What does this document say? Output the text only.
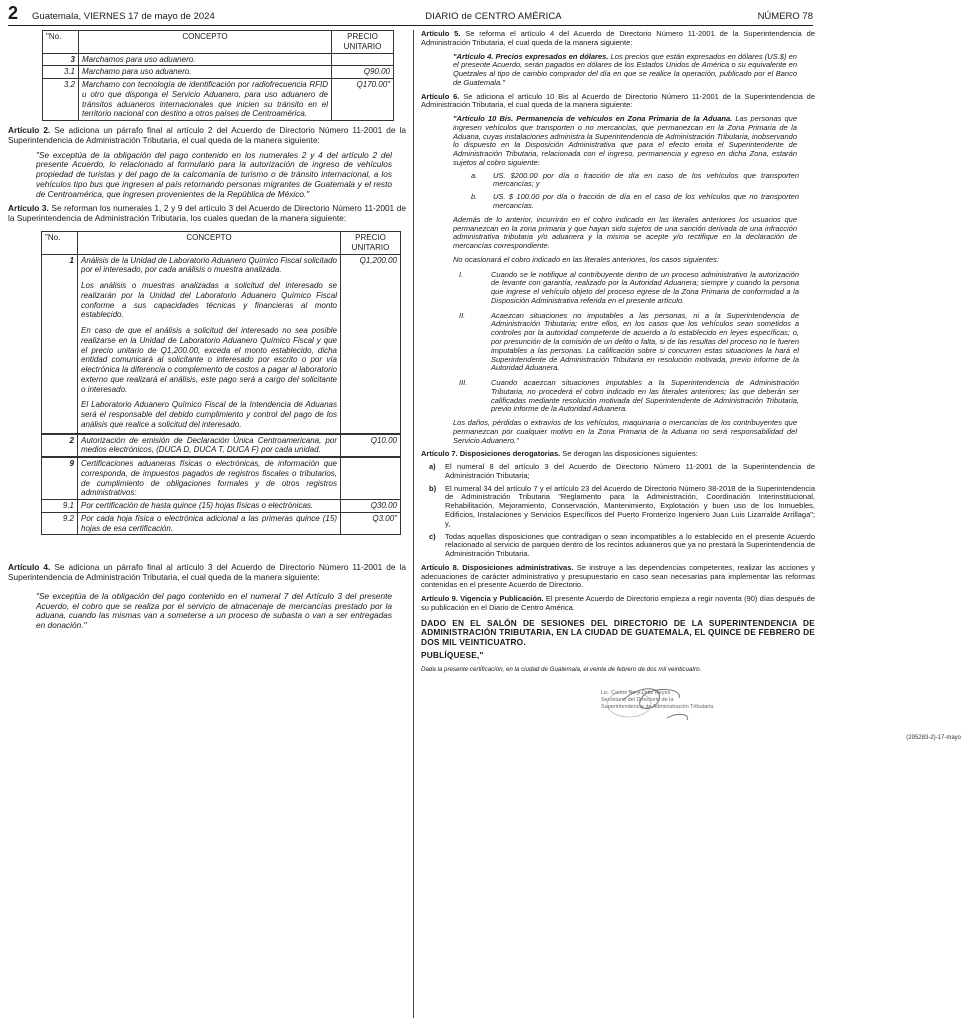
2 Guatemala, VIERNES 17 de mayo de 2024	DIARIO de CENTRO AMÉRICA	NÚMERO 78
"No.	CONCEPTO	PRECIO UNITARIO
3	Marchamos para uso aduanero.	
3.1	Marchamo para uso aduanero.	Q90.00
3.2	Marchamo con tecnología de identificación por radiofrecuencia RFID u otro que disponga el Servicio Aduanero, para uso aduanero de tránsitos aduaneros internacionales que inicien su tránsito en el territorio nacional con destino a otros países de Centroamérica.	Q170.00"

Artículo 2. Se adiciona un párrafo final al artículo 2 del Acuerdo de Directorio Número 11-2001 de la Superintendencia de Administración Tributaria, el cual queda de la manera siguiente:

"Se exceptúa de la obligación del pago contenido en los numerales 2 y 4 del artículo 2 del presente Acuerdo, lo relacionado al formulario para la autorización de ingreso de vehículos propiedad de turistas y del pago de la calcomanía de turismo o de tránsito internacional, a los vehículos tipo bus que ingresen al país retornando personas migrantes de Guatemala y el resto de Centroamérica, que ingresen provenientes de la República de México."

Artículo 3. Se reforman los numerales 1, 2 y 9 del artículo 3 del Acuerdo de Directorio Número 11-2001 de la Superintendencia de Administración Tributaria, los cuales quedan de la manera siguiente:

"No.	CONCEPTO	PRECIO UNITARIO
1	Análisis de la Unidad de Laboratorio Aduanero Químico Fiscal solicitado por el interesado, por cada análisis o muestra analizada.
Los análisis o muestras analizadas a solicitud del interesado se realizarán por la Unidad del Laboratorio Aduanero Químico Fiscal conforme a sus capacidades técnicas y financieras al monto establecido.
En caso de que el análisis a solicitud del interesado no sea posible realizarse en la Unidad de Laboratorio Aduanero Químico Fiscal y que el precio unitario de Q1,200.00, exceda el monto establecido, dicha entidad comunicará al solicitante o interesado por escrito o por vía electrónica la diferencia o complemento de costos a pagar al laboratorio externo que realizará el análisis, este pago será a cargo del solicitante o interesado.
El Laboratorio Aduanero Químico Fiscal de la Intendencia de Aduanas será el responsable del debido cumplimiento y control del pago de los análisis que realice a solicitud del interesado.	Q1,200.00
2	Autorización de emisión de Declaración Única Centroamericana, por medios electrónicos, (DUCA D, DUCA T, DUCA F) por cada unidad.	Q10.00
9	Certificaciones aduaneras físicas o electrónicas, de información que corresponda, de impuestos pagados de registros fiscales o tributarios, de cumplimiento de obligaciones formales y de otros registros administrativos:	
9.1	Por certificación de hasta quince (15) hojas físicas o electrónicas.	Q30.00
9.2	Por cada hoja física o electrónica adicional a las primeras quince (15) hojas de esa certificación.	Q3.00"

Artículo 4. Se adiciona un párrafo final al artículo 3 del Acuerdo de Directorio Número 11-2001 de la Superintendencia de Administración Tributaria, el cual queda de la manera siguiente:

"Se exceptúa de la obligación del pago contenido en el numeral 7 del Artículo 3 del presente Acuerdo, el cobro que se realiza por el servicio de almacenaje de mercancías prestado por la aduana, cuando las mismas van a someterse a un proceso de subasta o van a ser entregadas en donación."

Artículo 5. Se reforma el artículo 4 del Acuerdo de Directorio Número 11-2001 de la Superintendencia de Administración Tributaria, el cual queda de la manera siguiente:

"Artículo 4. Precios expresados en dólares. Los precios que están expresados en dólares (US.$) en el presente Acuerdo, serán pagados en dólares de los Estados Unidos de América o su equivalente en Quetzales al tipo de cambio comprador del día en que se realice la operación, publicado por el Banco de Guatemala."

Artículo 6. Se adiciona el artículo 10 Bis al Acuerdo de Directorio Número 11-2001 de la Superintendencia de Administración Tributaria, el cual queda de la manera siguiente:

"Artículo 10 Bis. Permanencia de vehículos en Zona Primaria de la Aduana. Las personas que ingresen vehículos que transporten o no mercancías, que permanezcan en la Zona Primaria de la Aduana, cuyas instalaciones administra la Superintendencia de Administración Tributaria, inobservando lo dispuesto en la Disposición Administrativa que para el efecto emita el Superintendente de Administración Tributaria, relacionada con el ingreso, permanencia y egreso en dicha Zona, estarán sujetos al cobro siguiente:

a.	US. $200.00 por día o fracción de día en caso de los vehículos que transporten mercancías; y
b.	US. $ 100.00 por día o fracción de día en el caso de los vehículos que no transporten mercancías.

Además de lo anterior, incurrirán en el cobro indicado en las literales anteriores los usuarios que permanezcan en la zona primaria y que hayan sido sujetos de una sanción derivada de una infracción administrativa tributaria y/o aduanera y la misma se acepte y/o rectifique en la declaración de mercancías correspondiente.

No ocasionará el cobro indicado en las literales anteriores, los casos siguientes:

I.	Cuando se le notifique al contribuyente dentro de un proceso administrativo la autorización de levante con garantía, realizado por la Autoridad Aduanera; siempre y cuando la persona que ingrese el vehículo objeto del proceso egrese de la Zona Primaria de conformidad a la Disposición Administrativa referida en el presente artículo.
II.	Acaezcan situaciones no imputables a las personas, ni a la Superintendencia de Administración Tributaria; entre ellos, en los casos que los vehículos sean sometidos a controles por la autoridad competente de acuerdo a lo establecido en leyes específicas; o, por presunción de la comisión de un delito o falta, si de las resultas del proceso no le fueren imputables a las personas. La calificación sobre si concurren estas situaciones la hará el Superintendente de Administración Tributaria en resolución motivada, previo informe de la Autoridad Aduanera.
III.	Cuando acaezcan situaciones imputables a la Superintendencia de Administración Tributaria, no procederá el cobro indicado en las literales anteriores; las que deberán ser calificadas mediante resolución motivada del Superintendente de Administración Tributaria, previo informe de la Autoridad Aduanera.

Los daños, pérdidas o extravíos de los vehículos, maquinaria o mercancías de los contribuyentes que permanezcan por cualquier motivo en la Zona Primaria de la Aduana no será responsabilidad del Servicio Aduanero."

Artículo 7. Disposiciones derogatorias. Se derogan las disposiciones siguientes:

a)	El numeral 8 del artículo 3 del Acuerdo de Directorio Número 11-2001 de la Superintendencia de Administración Tributaria;
b)	El numeral 34 del artículo 7 y el artículo 23 del Acuerdo de Directorio Número 38-2018 de la Superintendencia de Administración Tributaria "Reglamento para la Administración, Coordinación Interinstitucional, Rehabilitación, Mejoramiento, Conservación, Mantenimiento, Explotación y buen uso de los Inmuebles, Edificios, Instalaciones y Servicios Específicos del Puerto Fronterizo Ingeniero Juan Luis Lizarralde Arrillaga"; y,
c)	Todas aquellas disposiciones que contradigan o sean incompatibles a lo establecido en el presente Acuerdo relacionado al servicio de parqueo dentro de los recintos aduaneros que ya no prestará la Superintendencia de Administración Tributaria.

Artículo 8. Disposiciones administrativas. Se instruye a las dependencias competentes, realizar las acciones y adecuaciones de carácter administrativo y presupuestario en caso sean necesarias para implementar las reformas contenidas en el presente Acuerdo de Directorio.

Artículo 9. Vigencia y Publicación. El presente Acuerdo de Directorio empieza a regir noventa (90) días después de su publicación en el Diario de Centro América.

DADO EN EL SALÓN DE SESIONES DEL DIRECTORIO DE LA SUPERINTENDENCIA DE ADMINISTRACIÓN TRIBUTARIA, EN LA CIUDAD DE GUATEMALA, EL QUINCE DE FEBRERO DE DOS MIL VEINTICUATRO.
PUBLÍQUESE,"
Dada la presente certificación, en la ciudad de Guatemala, el veinte de febrero de dos mil veinticuatro.
Lic. Carlos Nery Ortiz Reyes
Secretario del Directorio de la
Superintendencia de Administración Tributaria
(295283-2)-17-mayo
